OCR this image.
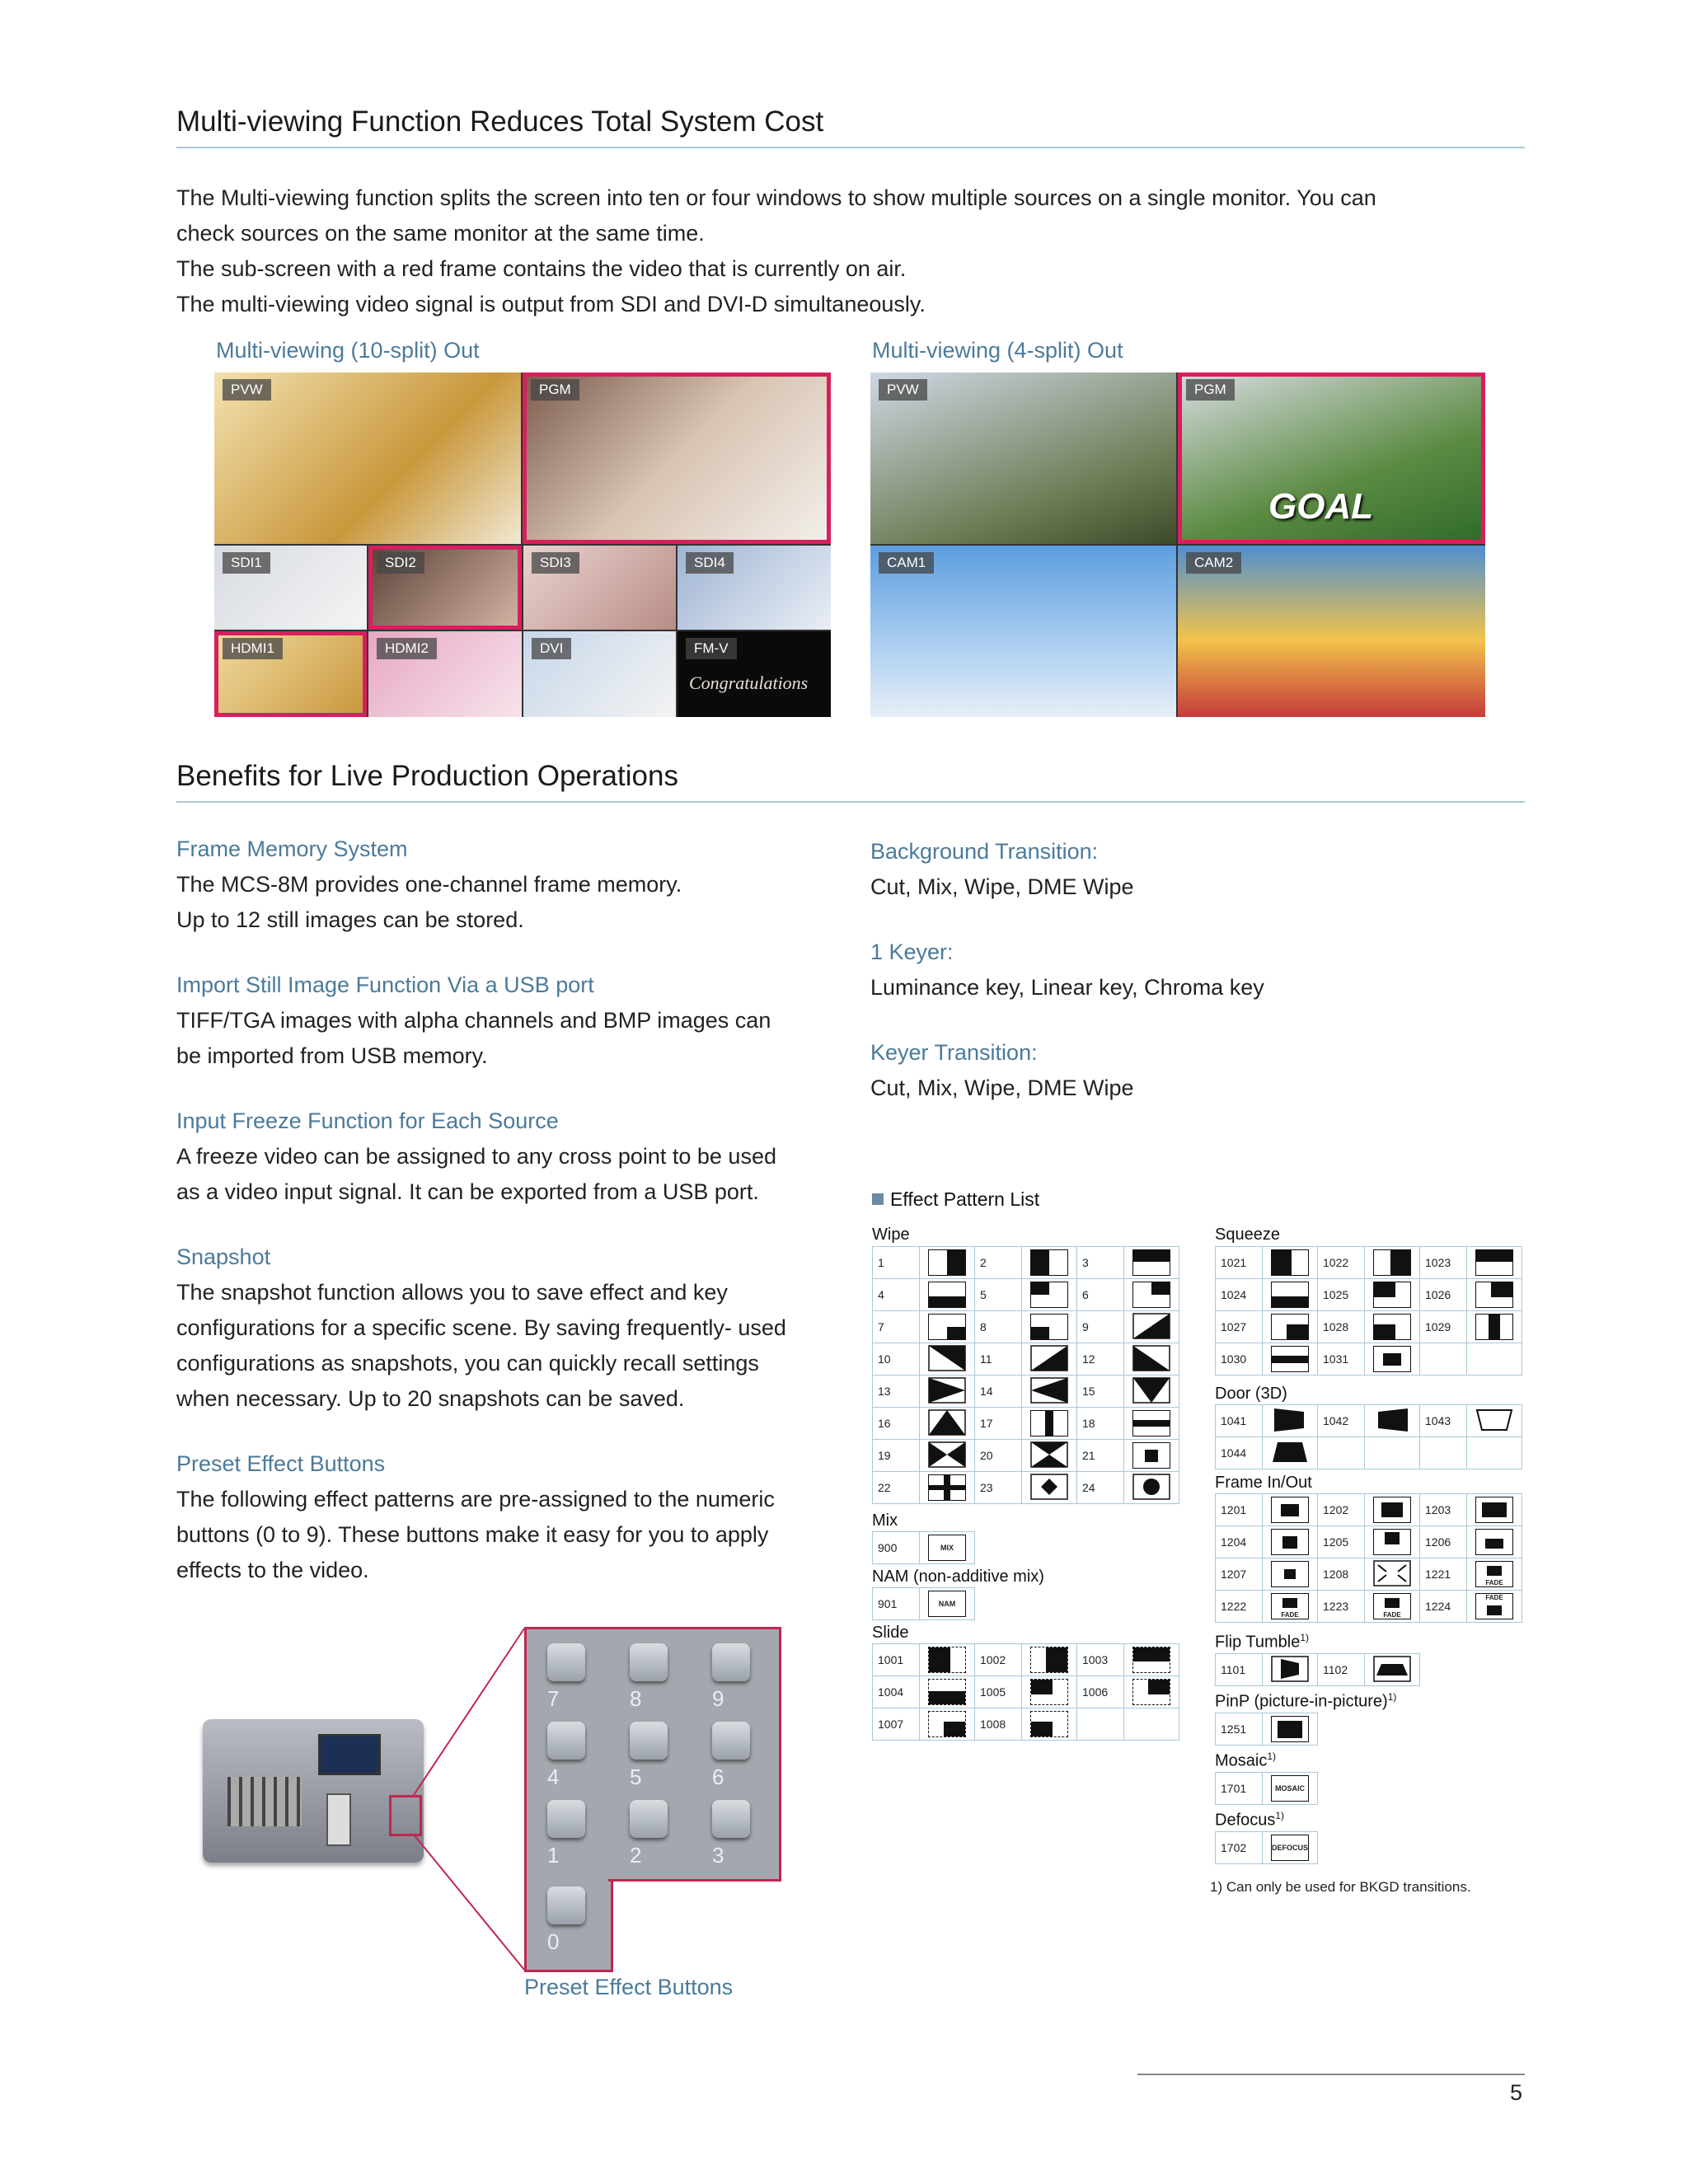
Multi-viewing Function Reduces Total System Cost
The Multi-viewing function splits the screen into ten or four windows to show multiple sources on a single monitor. You can
check sources on the same monitor at the same time.
The sub-screen with a red frame contains the video that is currently on air.
The multi-viewing video signal is output from SDI and DVI-D simultaneously.
Multi-viewing (10-split) Out	Multi-viewing (4-split) Out
PVW	PGM
SDI1	SDI2	SDI3	SDI4
HDMI1	HDMI2	DVI	FM-V
Congratulations
PVW	PGM
GOAL
CAM1	CAM2
Benefits for Live Production Operations
Frame Memory System
The MCS-8M provides one-channel frame memory.
Up to 12 still images can be stored.
Import Still Image Function Via a USB port
TIFF/TGA images with alpha channels and BMP images can
be imported from USB memory.
Input Freeze Function for Each Source
A freeze video can be assigned to any cross point to be used
as a video input signal. It can be exported from a USB port.
Snapshot
The snapshot function allows you to save effect and key
configurations for a specific scene. By saving frequently- used
configurations as snapshots, you can quickly recall settings
when necessary. Up to 20 snapshots can be saved.
Preset Effect Buttons
The following effect patterns are pre-assigned to the numeric
buttons (0 to 9). These buttons make it easy for you to apply
effects to the video.
Background Transition:
Cut, Mix, Wipe, DME Wipe
1 Keyer:
Luminance key, Linear key, Chroma key
Keyer Transition:
Cut, Mix, Wipe, DME Wipe
7	8	9
4	5	6
1	2	3
0
Preset Effect Buttons
Effect Pattern List
Wipe	Squeeze
1		2		3	

4		5		6	

7		8		9	
10		11		12	
13		14		15	
16		17		18	

19		20		21	

22		23		24	
Mix
900	MIX
NAM (non-additive mix)
901	NAM
Slide
1001		1002		1003	

1004		1005		1006	

1007		1008	

1021		1022		1023	

1024		1025		1026	

1027		1028		1029	

1030		1031	

Door (3D)
1041		1042		1043	
1044					
Frame In/Out
1201		1202		1203	

1204		1205		1206	

1207		1208		1221	FADE

1222	FADE	1223	FADE	1224	FADE
Flip Tumble$^{1)}$
1101		1102	
PinP (picture-in-picture)$^{1)}$
1251	
Mosaic$^{1)}$
1701	MOSAIC
Defocus$^{1)}$
1702	DEFOCUS
1) Can only be used for BKGD transitions.
5
